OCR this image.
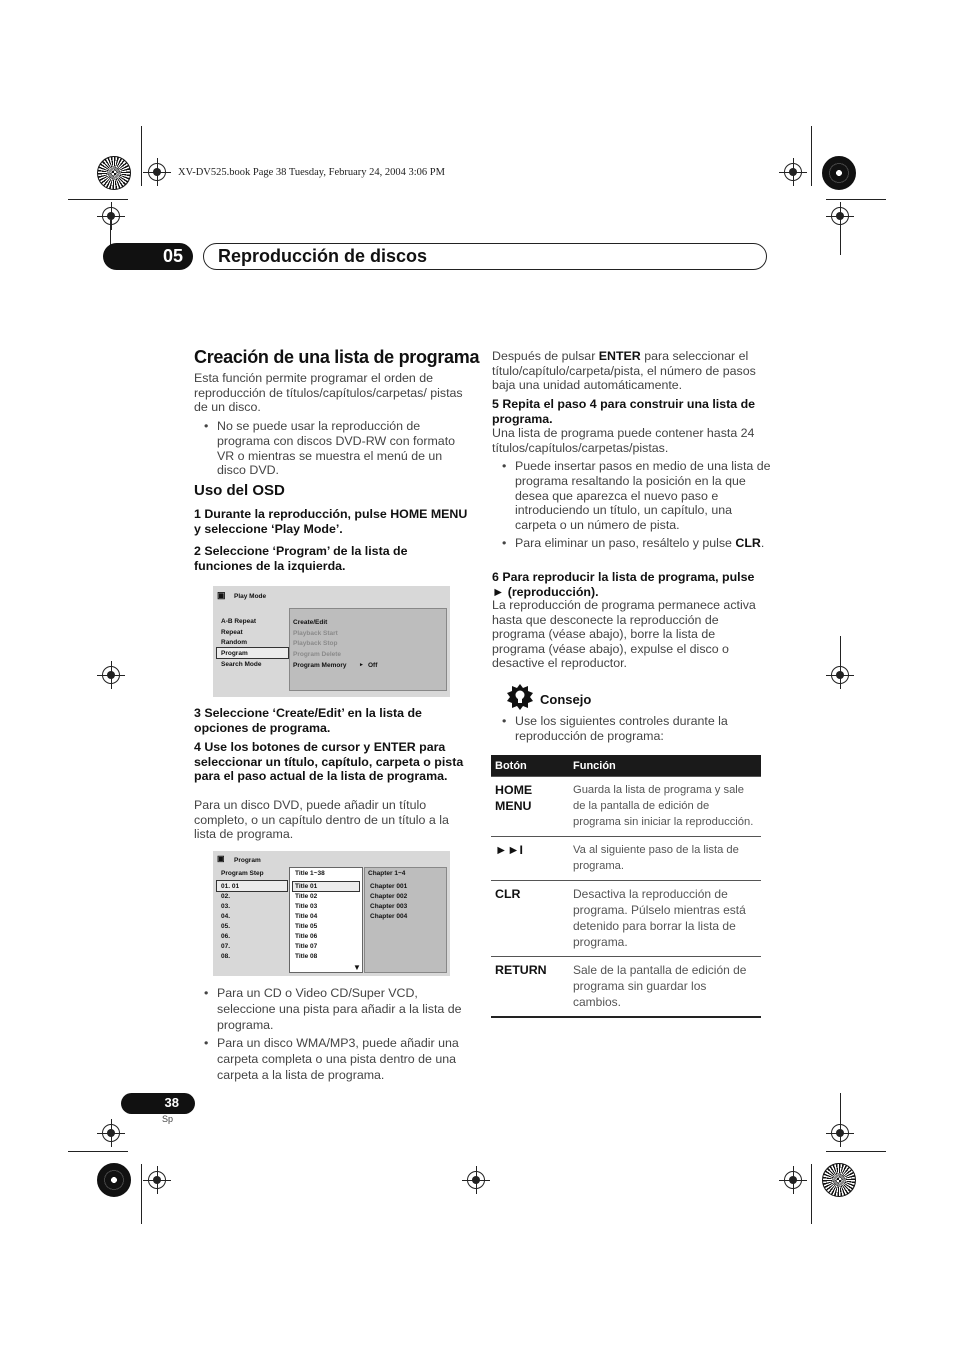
XV-DV525.book Page 38 Tuesday, February 24, 2004 3:06 PM
05	Reproducción de discos
Creación de una lista de programa

Esta función permite programar el orden de reproducción de títulos/capítulos/carpetas/ pistas de un disco.

• No se puede usar la reproducción de programa con discos DVD-RW con formato VR o mientras se muestra el menú de un disco DVD.

Uso del OSD

1 Durante la reproducción, pulse HOME MENU y seleccione ‘Play Mode’.

2 Seleccione ‘Program’ de la lista de funciones de la izquierda.

▣ Play Mode
A-B Repeat
Repeat
Random
Program
Search Mode
Create/Edit
Playback Start
Playback Stop
Program Delete
Program Memory	► Off

3 Seleccione ‘Create/Edit’ en la lista de opciones de programa.

4 Use los botones de cursor y ENTER para seleccionar un título, capítulo, carpeta o pista para el paso actual de la lista de programa.

Para un disco DVD, puede añadir un título completo, o un capítulo dentro de un título a la lista de programa.

▣ Program
Program Step
01. 01
02.
03.
04.
05.
06.
07.
08.
Title 1~38
Title 01
Title 02
Title 03
Title 04
Title 05
Title 06
Title 07
Title 08
▼
Chapter 1~4
Chapter 001
Chapter 002
Chapter 003
Chapter 004

• Para un CD o Video CD/Super VCD, seleccione una pista para añadir a la lista de programa.

• Para un disco WMA/MP3, puede añadir una carpeta completa o una pista dentro de una carpeta a la lista de programa.

Después de pulsar ENTER para seleccionar el título/capítulo/carpeta/pista, el número de pasos baja una unidad automáticamente.

5 Repita el paso 4 para construir una lista de programa.

Una lista de programa puede contener hasta 24 títulos/capítulos/carpetas/pistas.

• Puede insertar pasos en medio de una lista de programa resaltando la posición en la que desea que aparezca el nuevo paso e introduciendo un título, un capítulo, una carpeta o un número de pista.

• Para eliminar un paso, resáltelo y pulse CLR.

6 Para reproducir la lista de programa, pulse ► (reproducción).

La reproducción de programa permanece activa hasta que desconecte la reproducción de programa (véase abajo), borre la lista de programa (véase abajo), expulse el disco o desactive el reproductor.

Consejo

• Use los siguientes controles durante la reproducción de programa:

Botón	Función
HOME MENU	Guarda la lista de programa y sale de la pantalla de edición de programa sin iniciar la reproducción.
►►I	Va al siguiente paso de la lista de programa.
CLR	Desactiva la reproducción de programa. Púlselo mientras está detenido para borrar la lista de programa.
RETURN	Sale de la pantalla de edición de programa sin guardar los cambios.
38
Sp
